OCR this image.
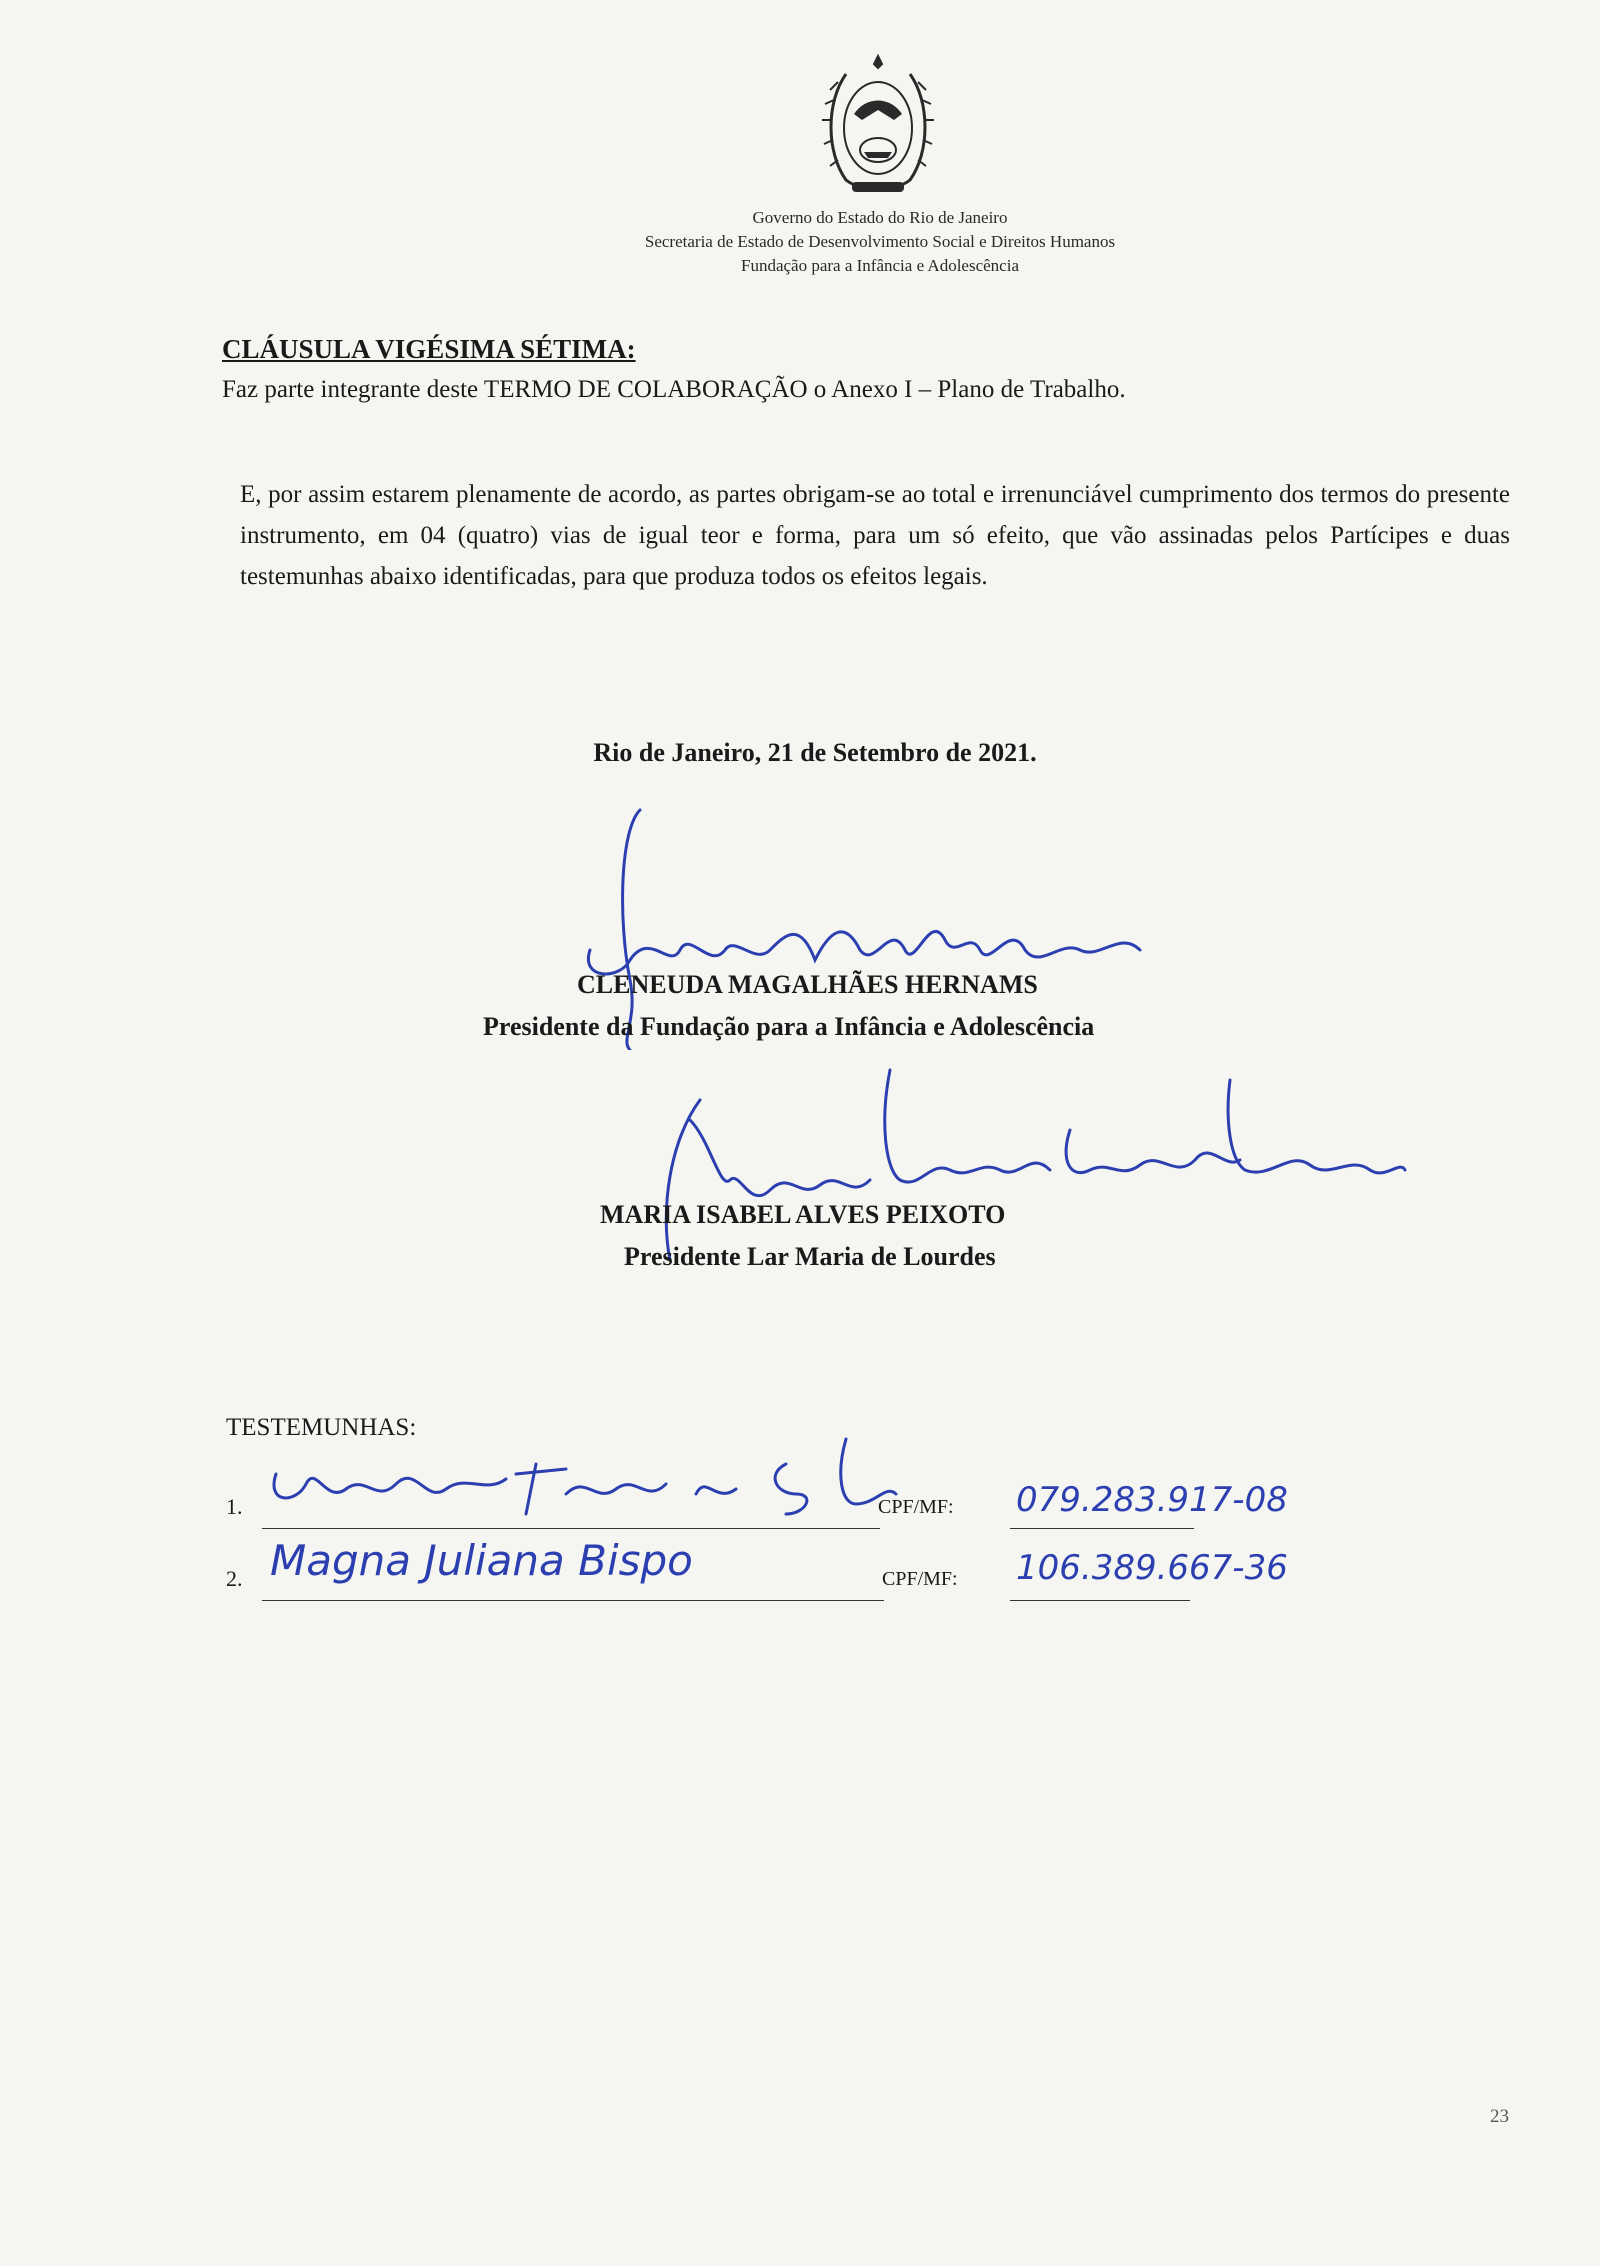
Governo do Estado do Rio de Janeiro
Secretaria de Estado de Desenvolvimento Social e Direitos Humanos
Fundação para a Infância e Adolescência
CLÁUSULA VIGÉSIMA SÉTIMA:
Faz parte integrante deste TERMO DE COLABORAÇÃO o Anexo I – Plano de Trabalho.
E, por assim estarem plenamente de acordo, as partes obrigam-se ao total e irrenunciável cumprimento dos termos do presente instrumento, em 04 (quatro) vias de igual teor e forma, para um só efeito, que vão assinadas pelos Partícipes e duas testemunhas abaixo identificadas, para que produza todos os efeitos legais.
Rio de Janeiro, 21 de Setembro de 2021.
CLENEUDA MAGALHÃES HERNAMS
Presidente da Fundação para a Infância e Adolescência
MARIA ISABEL ALVES PEIXOTO
Presidente Lar Maria de Lourdes
TESTEMUNHAS:
1.	CPF/MF: 079.283.917-08
2. Magna Juliana Bispo	CPF/MF: 106.389.667-36
23
